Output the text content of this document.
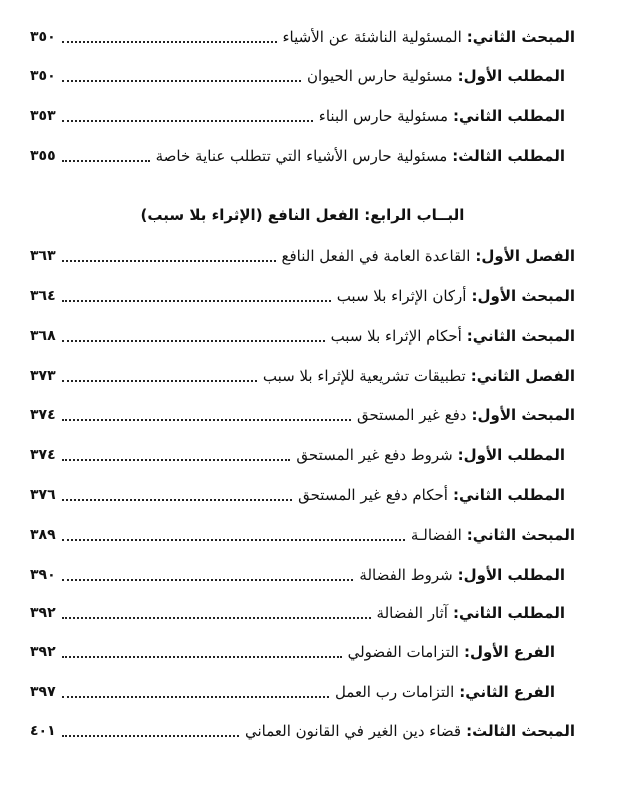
المبحث الثاني:
المسئولية الناشئة عن الأشياء
٣٥٠
المطلب الأول:
مسئولية حارس الحيوان
٣٥٠
المطلب الثاني:
مسئولية حارس البناء
٣٥٣
المطلب الثالث:
مسئولية حارس الأشياء التي تتطلب عناية خاصة
٣٥٥
البــاب الرابع: الفعل النافع (الإثراء بلا سبب)
الفصل الأول:
القاعدة العامة في الفعل النافع
٣٦٣
المبحث الأول:
أركان الإثراء بلا سبب
٣٦٤
المبحث الثاني:
أحكام الإثراء بلا سبب
٣٦٨
الفصل الثاني:
تطبيقات تشريعية للإثراء بلا سبب
٣٧٣
المبحث الأول:
دفع غير المستحق
٣٧٤
المطلب الأول:
شروط دفع غير المستحق
٣٧٤
المطلب الثاني:
أحكام دفع غير المستحق
٣٧٦
المبحث الثاني:
الفضالـة
٣٨٩
المطلب الأول:
شروط الفضالة
٣٩٠
المطلب الثاني:
آثار الفضالة
٣٩٢
الفرع الأول:
التزامات الفضولي
٣٩٢
الفرع الثاني:
التزامات رب العمل
٣٩٧
المبحث الثالث:
قضاء دين الغير في القانون العماني
٤٠١
